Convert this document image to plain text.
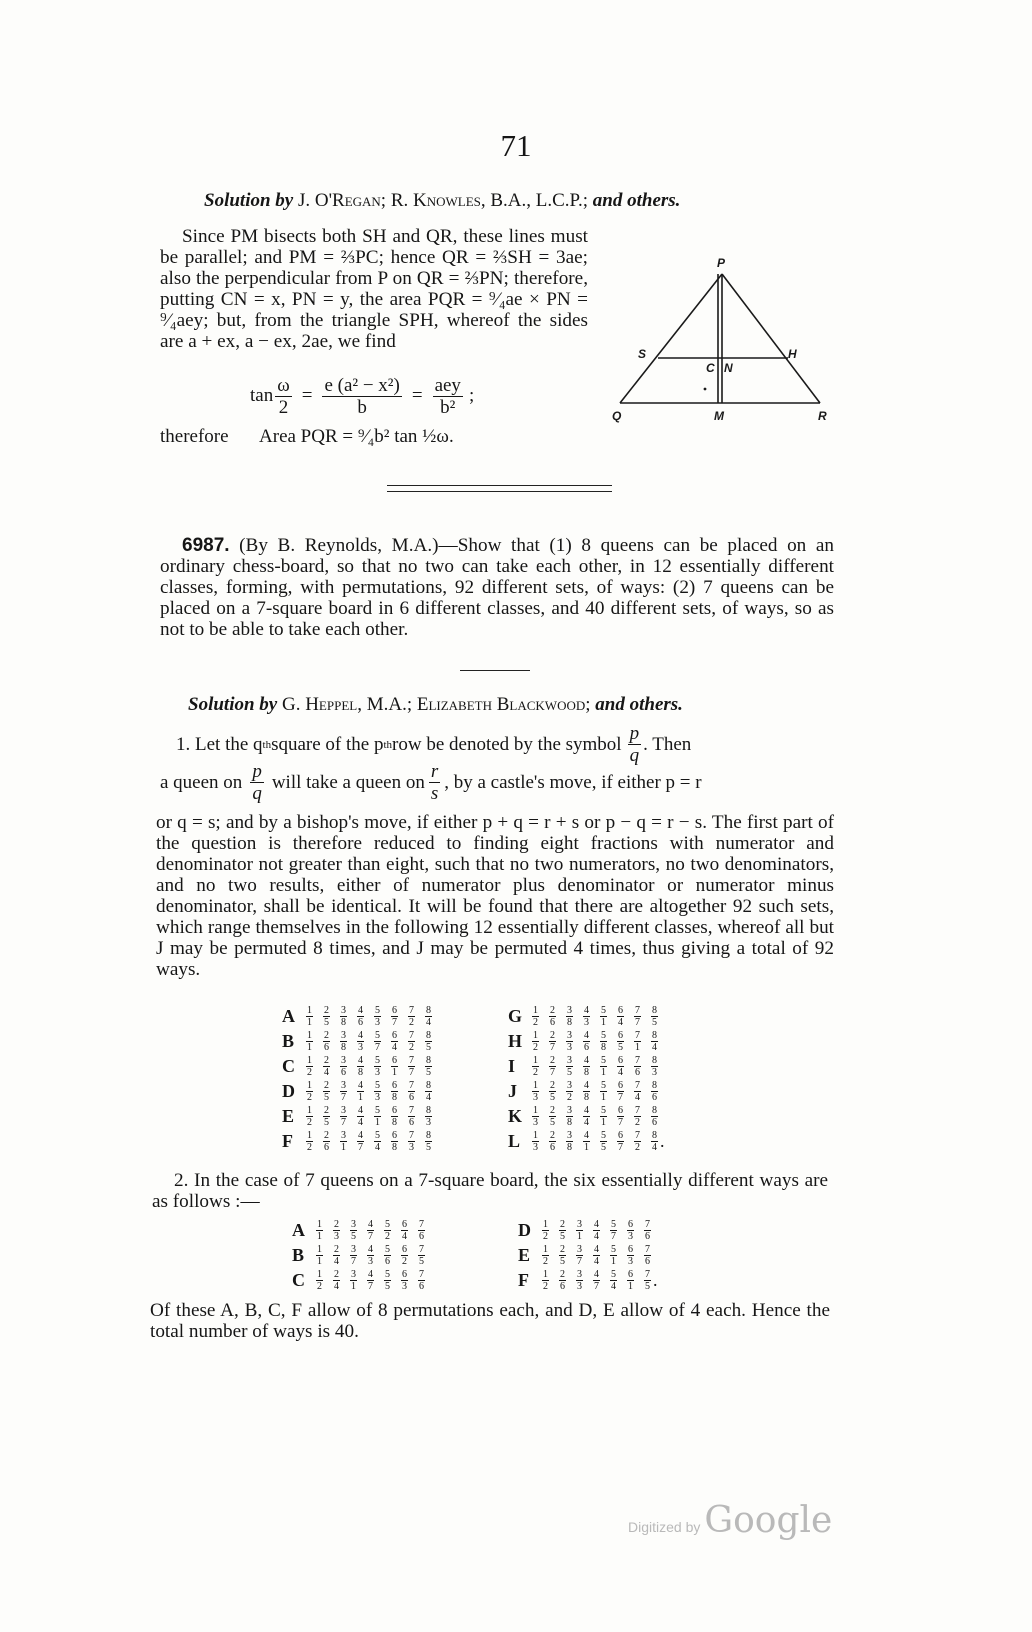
71
Solution by J. O'Regan; R. Knowles, B.A., L.C.P.; and others.

Since PM bisects both SH and QR, these lines must be parallel; and PM = ⅔PC; hence QR = ⅔SH = 3ae; also the perpendicular from P on QR = ⅔PN; therefore, putting CN = x, PN = y, the area PQR = ⁹⁄₄ae × PN = ⁹⁄₄aey; but, from the triangle SPH, whereof the sides are a + ex, a − ex, 2ae, we find

$\tan \frac{\omega}{2} = \frac{\text{e (a² − x²)}}{b} = \frac{\text{aey}}{\text{b²}}$ ;
therefore Area PQR = ⁹⁄₄b² tan ½ω.
P
S	H
C N
Q	M	R

6987. (By B. Reynolds, M.A.)—Show that (1) 8 queens can be placed on an ordinary chess-board, so that no two can take each other, in 12 essentially different classes, forming, with permutations, 92 different sets, of ways: (2) 7 queens can be placed on a 7-square board in 6 different classes, and 40 different sets, of ways, so as not to be able to take each other.

Solution by G. Heppel, M.A.; Elizabeth Blackwood; and others.
1. Let the q th square of the p th row be denoted by the symbol $\frac{p}{q}$ . Then
a queen on $\frac{p}{q}$ will take a queen on $\frac{r}{s}$ , by a castle's move, if either p = r

or q = s; and by a bishop's move, if either p + q = r + s or p − q = r − s. The first part of the question is therefore reduced to finding eight fractions with numerator and denominator not greater than eight, such that no two numerators, no two denominators, and no two results, either of numerator plus denominator or numerator minus denominator, shall be identical. It will be found that there are altogether 92 such sets, which range themselves in the following 12 essentially different classes, whereof all but J may be permuted 8 times, and J may be permuted 4 times, thus giving a total of 92 ways.

A	$\frac{1}{1} \frac{2}{5} \frac{3}{8} \frac{4}{6} \frac{5}{3} \frac{6}{7} \frac{7}{2} \frac{8}{4}$
B	$\frac{1}{1} \frac{2}{6} \frac{3}{8} \frac{4}{3} \frac{5}{7} \frac{6}{4} \frac{7}{2} \frac{8}{5}$
C	$\frac{1}{2} \frac{2}{4} \frac{3}{6} \frac{4}{8} \frac{5}{3} \frac{6}{1} \frac{7}{7} \frac{8}{5}$
D	$\frac{1}{2} \frac{2}{5} \frac{3}{7} \frac{4}{1} \frac{5}{3} \frac{6}{8} \frac{7}{6} \frac{8}{4}$
E	$\frac{1}{2} \frac{2}{5} \frac{3}{7} \frac{4}{4} \frac{5}{1} \frac{6}{8} \frac{7}{6} \frac{8}{3}$
F	$\frac{1}{2} \frac{2}{6} \frac{3}{1} \frac{4}{7} \frac{5}{4} \frac{6}{8} \frac{7}{3} \frac{8}{5}$
G $\frac{1}{2} \frac{2}{6} \frac{3}{8} \frac{4}{3} \frac{5}{1} \frac{6}{4} \frac{7}{7} \frac{8}{5}$
H $\frac{1}{2} \frac{2}{7} \frac{3}{3} \frac{4}{6} \frac{5}{8} \frac{6}{5} \frac{7}{1} \frac{8}{4}$
I	$\frac{1}{2} \frac{2}{7} \frac{3}{5} \frac{4}{8} \frac{5}{1} \frac{6}{4} \frac{7}{6} \frac{8}{3}$
J	$\frac{1}{3} \frac{2}{5} \frac{3}{2} \frac{4}{8} \frac{5}{1} \frac{6}{7} \frac{7}{4} \frac{8}{6}$
K $\frac{1}{3} \frac{2}{5} \frac{3}{8} \frac{4}{4} \frac{5}{1} \frac{6}{7} \frac{7}{2} \frac{8}{6}$
L	$\frac{1}{3} \frac{2}{6} \frac{3}{8} \frac{4}{1} \frac{5}{5} \frac{6}{7} \frac{7}{2} \frac{8}{4}$ .

2. In the case of 7 queens on a 7-square board, the six essentially different ways are as follows :—

A	$\frac{1}{1} \frac{2}{3} \frac{3}{5} \frac{4}{7} \frac{5}{2} \frac{6}{4} \frac{7}{6}$
B	$\frac{1}{1} \frac{2}{4} \frac{3}{7} \frac{4}{3} \frac{5}{6} \frac{6}{2} \frac{7}{5}$
C	$\frac{1}{2} \frac{2}{4} \frac{3}{1} \frac{4}{7} \frac{5}{5} \frac{6}{3} \frac{7}{6}$
D	$\frac{1}{2} \frac{2}{5} \frac{3}{1} \frac{4}{4} \frac{5}{7} \frac{6}{3} \frac{7}{6}$
E	$\frac{1}{2} \frac{2}{5} \frac{3}{7} \frac{4}{4} \frac{5}{1} \frac{6}{3} \frac{7}{6}$
F	$\frac{1}{2} \frac{2}{6} \frac{3}{3} \frac{4}{7} \frac{5}{4} \frac{6}{1} \frac{7}{5}$ .

Of these A, B, C, F allow of 8 permutations each, and D, E allow of 4 each. Hence the total number of ways is 40.

Digitized by Google
